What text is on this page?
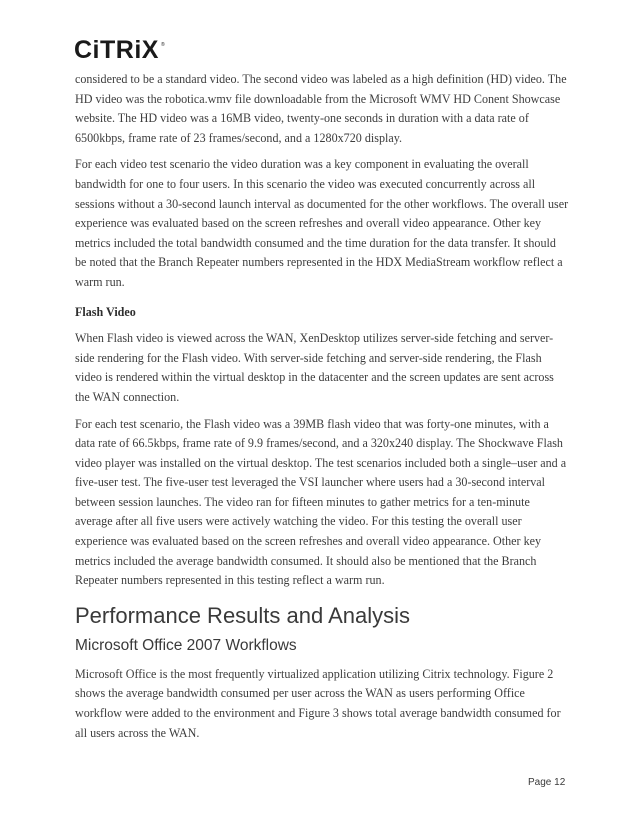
CiTRiX ®

considered to be a standard video. The second video was labeled as a high definition (HD) video. The HD video was the robotica.wmv file downloadable from the Microsoft WMV HD Conent Showcase website. The HD video was a 16MB video, twenty-one seconds in duration with a data rate of 6500kbps, frame rate of 23 frames/second, and a 1280x720 display.

For each video test scenario the video duration was a key component in evaluating the overall bandwidth for one to four users. In this scenario the video was executed concurrently across all sessions without a 30-second launch interval as documented for the other workflows. The overall user experience was evaluated based on the screen refreshes and overall video appearance. Other key metrics included the total bandwidth consumed and the time duration for the data transfer. It should be noted that the Branch Repeater numbers represented in the HDX MediaStream workflow reflect a warm run.

Flash Video

When Flash video is viewed across the WAN, XenDesktop utilizes server-side fetching and server-side rendering for the Flash video. With server-side fetching and server-side rendering, the Flash video is rendered within the virtual desktop in the datacenter and the screen updates are sent across the WAN connection.

For each test scenario, the Flash video was a 39MB flash video that was forty-one minutes, with a data rate of 66.5kbps, frame rate of 9.9 frames/second, and a 320x240 display. The Shockwave Flash video player was installed on the virtual desktop. The test scenarios included both a single–user and a five-user test. The five-user test leveraged the VSI launcher where users had a 30-second interval between session launches. The video ran for fifteen minutes to gather metrics for a ten-minute average after all five users were actively watching the video. For this testing the overall user experience was evaluated based on the screen refreshes and overall video appearance. Other key metrics included the average bandwidth consumed. It should also be mentioned that the Branch Repeater numbers represented in this testing reflect a warm run.

Performance Results and Analysis
Microsoft Office 2007 Workflows

Microsoft Office is the most frequently virtualized application utilizing Citrix technology. Figure 2 shows the average bandwidth consumed per user across the WAN as users performing Office workflow were added to the environment and Figure 3 shows total average bandwidth consumed for all users across the WAN.

Page 12
